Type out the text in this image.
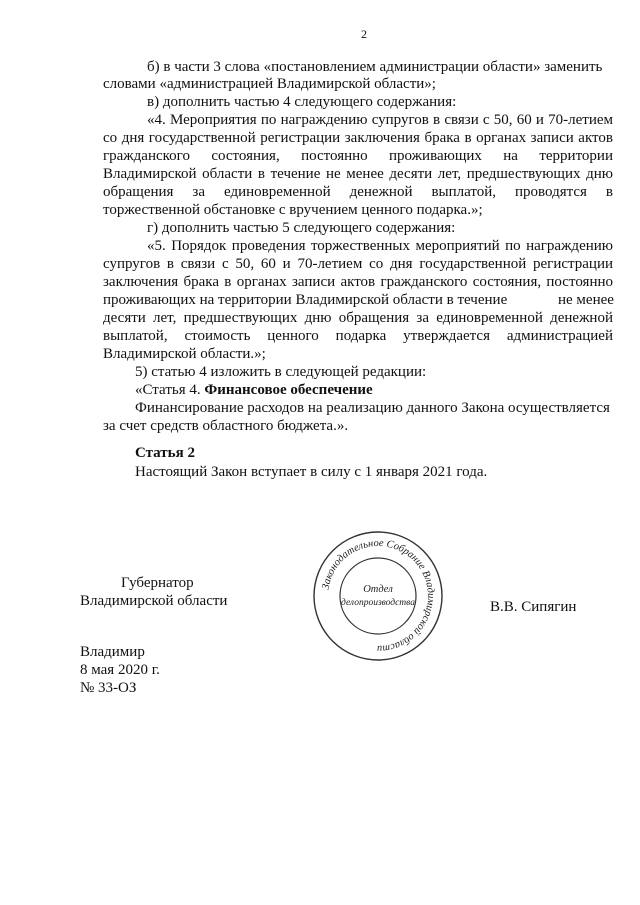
2
б) в части 3 слова «постановлением администрации области» заменить
словами «администрацией Владимирской области»;
в) дополнить частью 4 следующего содержания:
«4. Мероприятия по награждению супругов в связи с 50, 60 и 70-летием
со дня государственной регистрации заключения брака в органах записи актов
гражданского состояния, постоянно проживающих на территории
Владимирской области в течение не менее десяти лет, предшествующих дню
обращения за единовременной денежной выплатой, проводятся в
торжественной обстановке с вручением ценного подарка.»;
г) дополнить частью 5 следующего содержания:
«5. Порядок проведения торжественных мероприятий по награждению
супругов в связи с 50, 60 и 70-летием со дня государственной регистрации
заключения брака в органах записи актов гражданского состояния, постоянно
проживающих на территории Владимирской области в течение	не менее
десяти лет, предшествующих дню обращения за единовременной денежной
выплатой, стоимость ценного подарка утверждается администрацией
Владимирской области.»;
5) статью 4 изложить в следующей редакции:
«Статья 4. Финансовое обеспечение
Финансирование расходов на реализацию данного Закона осуществляется
за счет средств областного бюджета.».
Статья 2
Настоящий Закон вступает в силу с 1 января 2021 года.
Губернатор
Владимирской области	В.В. Сипягин
Законодательное Собрание Владимирской области
Отдел
делопроизводства
Владимир
8 мая 2020 г.
№ 33-ОЗ
